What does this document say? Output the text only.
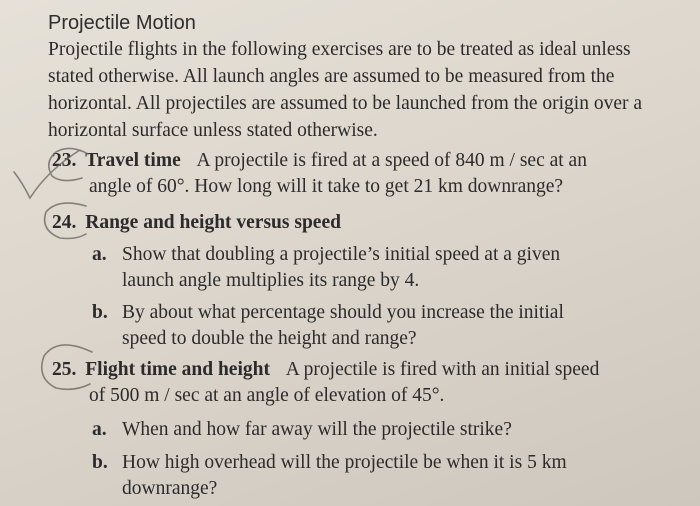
Projectile Motion

Projectile flights in the following exercises are to be treated as ideal unless stated otherwise. All launch angles are assumed to be measured from the horizontal. All projectiles are assumed to be launched from the origin over a horizontal surface unless stated otherwise.

23. Travel time A projectile is fired at a speed of 840 m / sec at an
angle of 60°. How long will it take to get 21 km downrange?
24. Range and height versus speed
a. Show that doubling a projectile’s initial speed at a given
launch angle multiplies its range by 4.
b. By about what percentage should you increase the initial
speed to double the height and range?
25. Flight time and height A projectile is fired with an initial speed
of 500 m / sec at an angle of elevation of 45°.
a. When and how far away will the projectile strike?
b. How high overhead will the projectile be when it is 5 km
downrange?
